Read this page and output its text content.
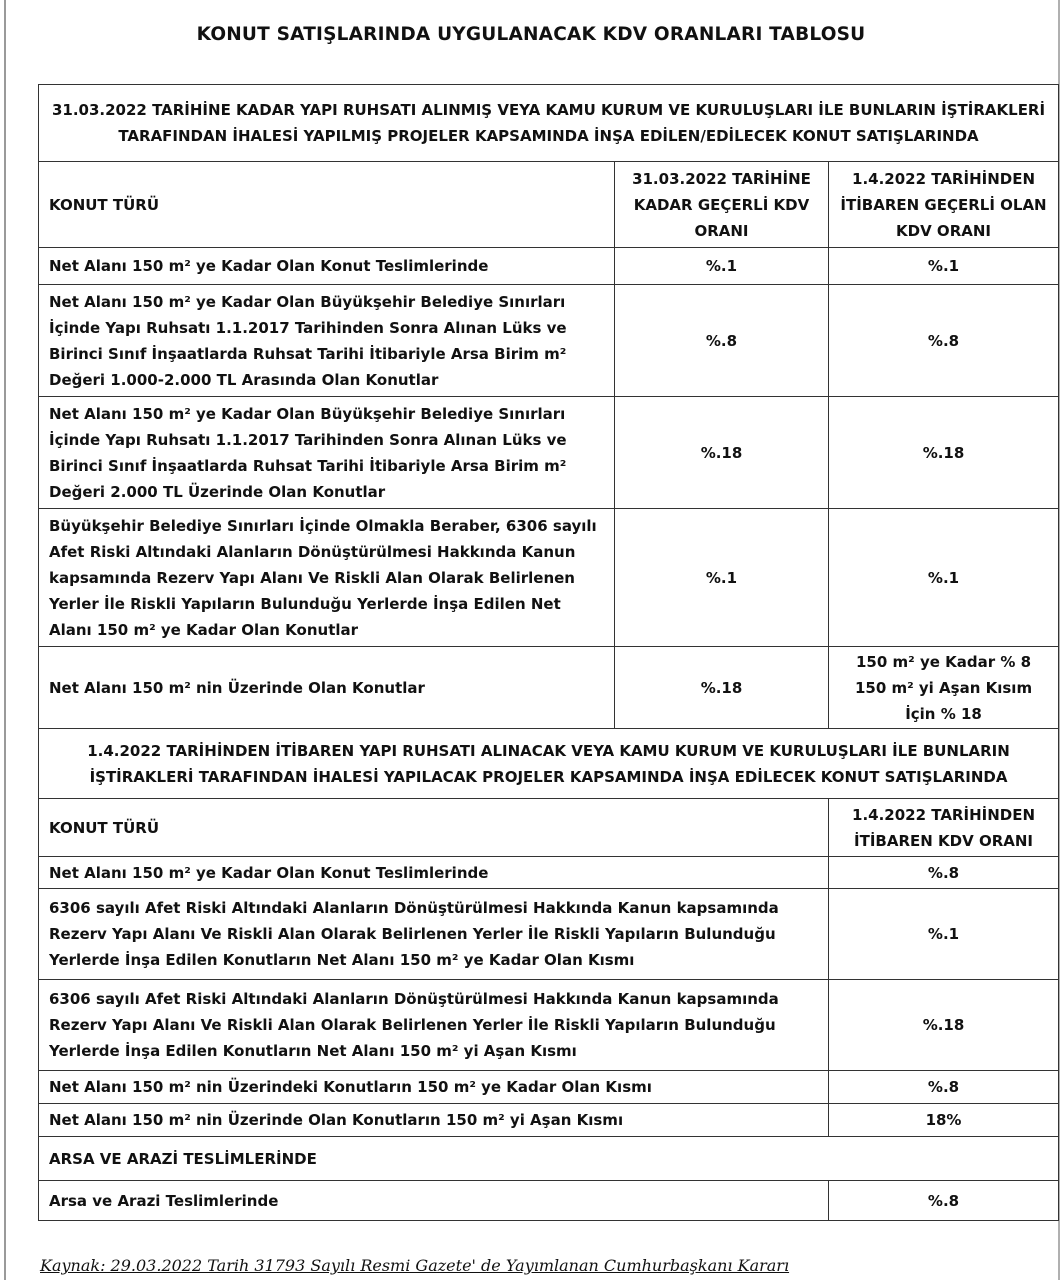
KONUT SATIŞLARINDA UYGULANACAK KDV ORANLARI TABLOSU
31.03.2022 TARİHİNE KADAR YAPI RUHSATI ALINMIŞ VEYA KAMU KURUM VE KURULUŞLARI İLE BUNLARIN İŞTİRAKLERİ TARAFINDAN İHALESİ YAPILMIŞ PROJELER KAPSAMINDA İNŞA EDİLEN/EDİLECEK KONUT SATIŞLARINDA		
KONUT TÜRÜ	31.03.2022 TARİHİNE KADAR GEÇERLİ KDV ORANI	1.4.2022 TARİHİNDEN İTİBAREN GEÇERLİ OLAN KDV ORANI
Net Alanı 150 m² ye Kadar Olan Konut Teslimlerinde	%.1	%.1
Net Alanı 150 m² ye Kadar Olan Büyükşehir Belediye Sınırları İçinde Yapı Ruhsatı 1.1.2017 Tarihinden Sonra Alınan Lüks ve Birinci Sınıf İnşaatlarda Ruhsat Tarihi İtibariyle Arsa Birim m² Değeri 1.000-2.000 TL Arasında Olan Konutlar	%.8	%.8
Net Alanı 150 m² ye Kadar Olan Büyükşehir Belediye Sınırları İçinde Yapı Ruhsatı 1.1.2017 Tarihinden Sonra Alınan Lüks ve Birinci Sınıf İnşaatlarda Ruhsat Tarihi İtibariyle Arsa Birim m² Değeri 2.000 TL Üzerinde Olan Konutlar	%.18	%.18
Büyükşehir Belediye Sınırları İçinde Olmakla Beraber, 6306 sayılı Afet Riski Altındaki Alanların Dönüştürülmesi Hakkında Kanun kapsamında Rezerv Yapı Alanı Ve Riskli Alan Olarak Belirlenen Yerler İle Riskli Yapıların Bulunduğu Yerlerde İnşa Edilen Net Alanı 150 m² ye Kadar Olan Konutlar	%.1	%.1
Net Alanı 150 m² nin Üzerinde Olan Konutlar	%.18	150 m² ye Kadar % 8 150 m² yi Aşan Kısım İçin % 18
1.4.2022 TARİHİNDEN İTİBAREN YAPI RUHSATI ALINACAK VEYA KAMU KURUM VE KURULUŞLARI İLE BUNLARIN İŞTİRAKLERİ TARAFINDAN İHALESİ YAPILACAK PROJELER KAPSAMINDA İNŞA EDİLECEK KONUT SATIŞLARINDA		
KONUT TÜRÜ		1.4.2022 TARİHİNDEN İTİBAREN KDV ORANI
Net Alanı 150 m² ye Kadar Olan Konut Teslimlerinde		%.8
6306 sayılı Afet Riski Altındaki Alanların Dönüştürülmesi Hakkında Kanun kapsamında Rezerv Yapı Alanı Ve Riskli Alan Olarak Belirlenen Yerler İle Riskli Yapıların Bulunduğu Yerlerde İnşa Edilen Konutların Net Alanı 150 m² ye Kadar Olan Kısmı		%.1
6306 sayılı Afet Riski Altındaki Alanların Dönüştürülmesi Hakkında Kanun kapsamında Rezerv Yapı Alanı Ve Riskli Alan Olarak Belirlenen Yerler İle Riskli Yapıların Bulunduğu Yerlerde İnşa Edilen Konutların Net Alanı 150 m² yi Aşan Kısmı		%.18
Net Alanı 150 m² nin Üzerindeki Konutların 150 m² ye Kadar Olan Kısmı		%.8
Net Alanı 150 m² nin Üzerinde Olan Konutların 150 m² yi Aşan Kısmı		18%
ARSA VE ARAZİ TESLİMLERİNDE		
Arsa ve Arazi Teslimlerinde		%.8
Kaynak: 29.03.2022 Tarih 31793 Sayılı Resmi Gazete' de Yayımlanan Cumhurbaşkanı Kararı
